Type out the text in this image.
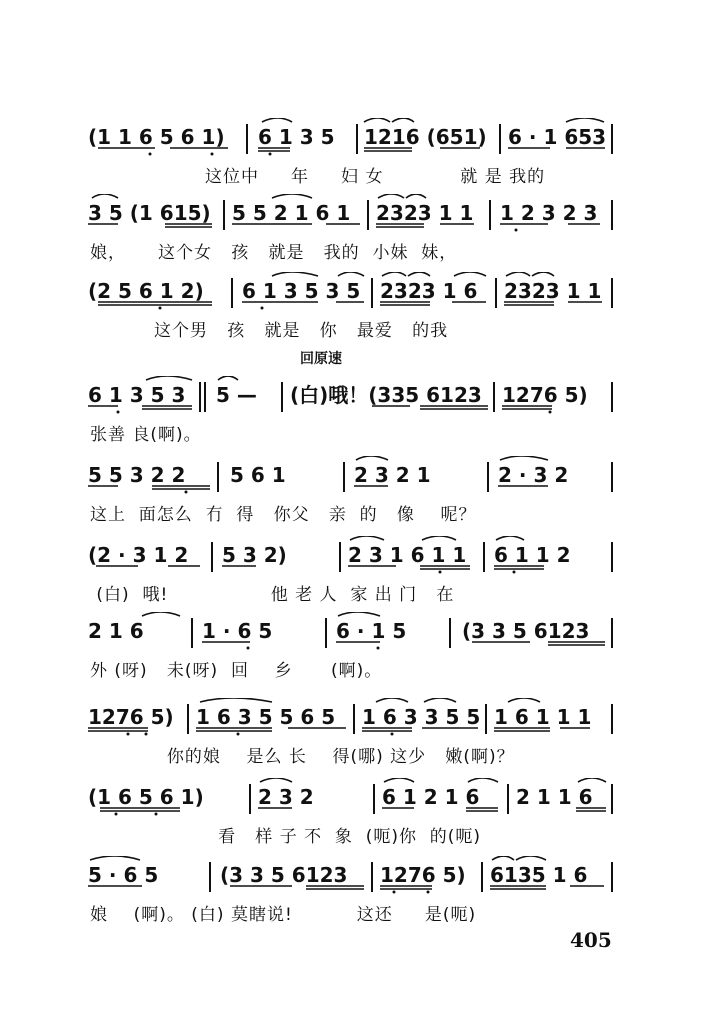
(1 1 6 5 6 1) 6 1 3 5 1216 (651) 6 · 1 653
这位中     年     妇 女            就 是 我的
3 5 (1 615) 5 5 2 1 6 1 2323 1 1 1 2 3 2 3
娘，     这个女   孩   就是   我的  小妹  妹，
(2 5 6 1 2) 6 1 3 5 3 5 2323 1 6 2323 1 1
这个男   孩   就是   你   最爱   的我
回原速
6 1 3 5 3 5 — (白)哦！(335 6123 1276 5)
张善 良(啊)。
5 5 3 2 2 5 6 1	2 3 2 1	2 · 3 2
这上  面怎么  冇  得   你父   亲  的   像    呢？
(2 · 3 1 2 5 3 2)	2 3 1 6 1 1 6 1 1 2
(白)  哦!                他 老 人  家 出 门   在
2 1 6	1 · 6 5	6 · 1 5	(3 3 5 6123
外 (呀)   未(呀)  回    乡      (啊)。
1276 5) 1 6 3 5 5 6 5 1 6 3 3 5 5 1 6 1 1 1
你的娘    是么 长    得(哪) 这少   嫩(啊)？
(1 6 5 6 1)	2 3 2	6 1 2 1 6 2 1 1 6
看   样 子 不  象  (呃)你  的(呃)
5 · 6 5	(3 3 5 6123 1276 5) 6135 1 6
娘    (啊)。 (白) 莫瞎说!          这还     是(呃)
405
